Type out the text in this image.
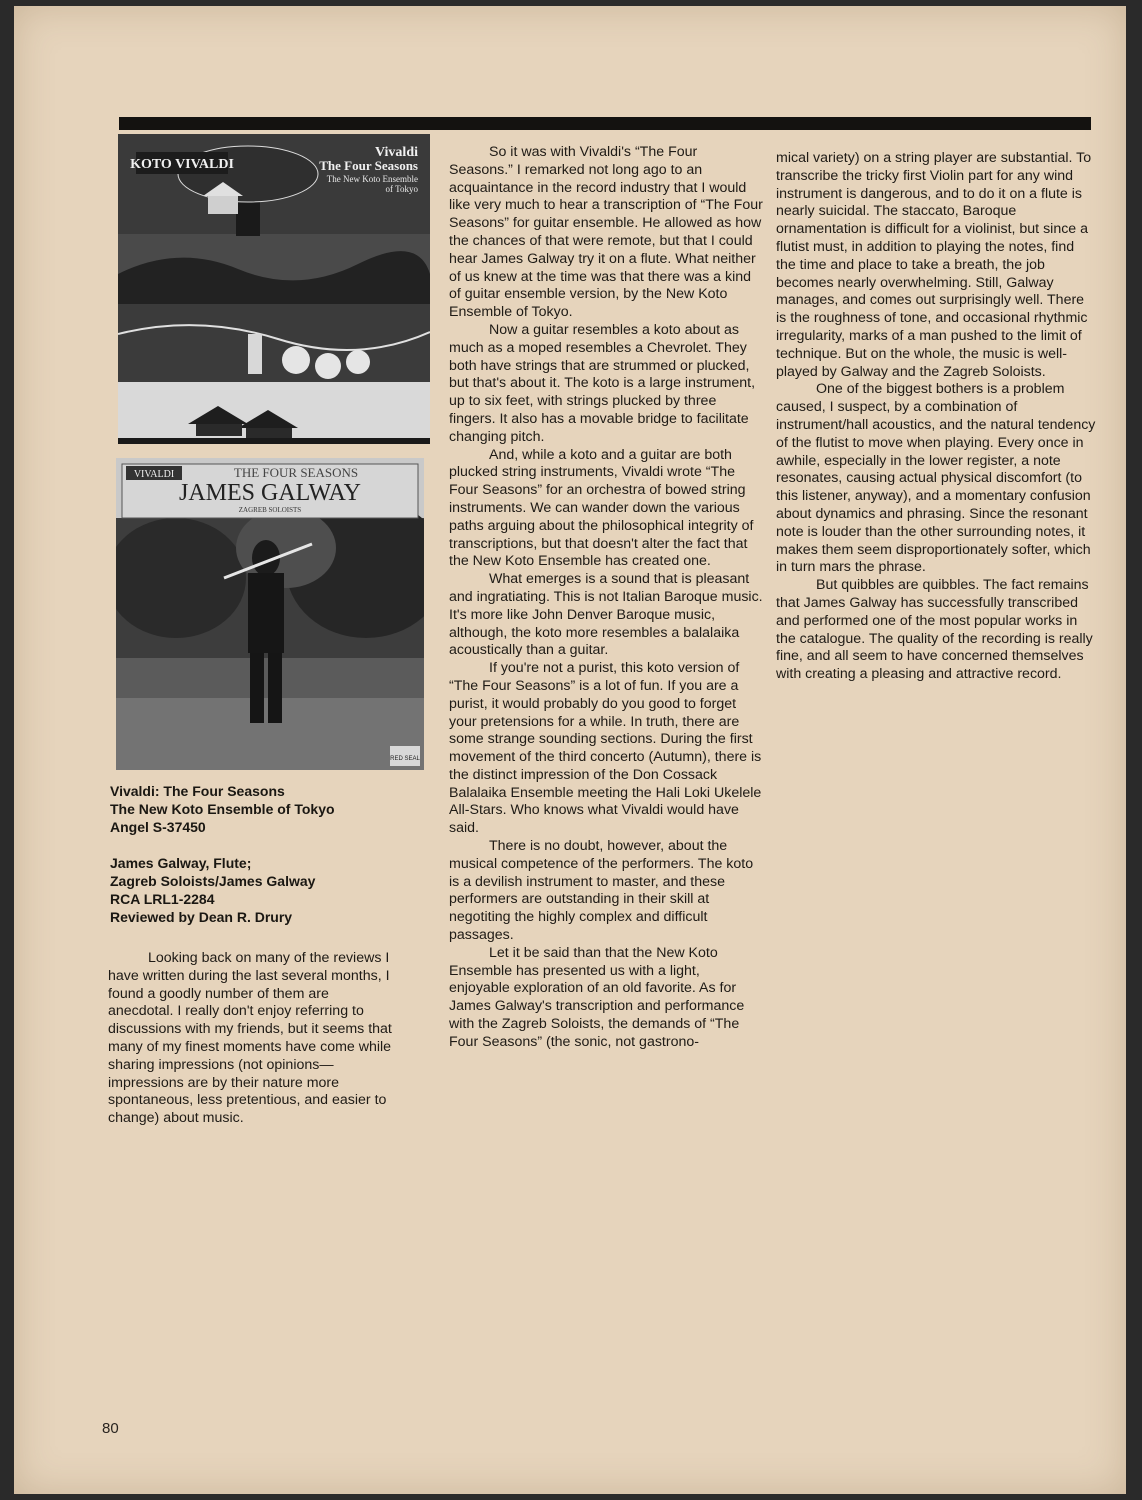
KOTO VIVALDI
Vivaldi
The Four Seasons
The New Koto Ensemble
of Tokyo
RED SEAL
VIVALDI	THE FOUR SEASONS
JAMES GALWAY
ZAGREB SOLOISTS
Vivaldi: The Four Seasons
The New Koto Ensemble of Tokyo
Angel S-37450
James Galway, Flute;
Zagreb Soloists/James Galway
RCA LRL1-2284
Reviewed by Dean R. Drury

Looking back on many of the reviews I have written during the last several months, I found a goodly number of them are anecdotal. I really don't enjoy referring to discussions with my friends, but it seems that many of my finest moments have come while sharing impressions (not opinions—impressions are by their nature more spontaneous, less pretentious, and easier to change) about music.

So it was with Vivaldi's “The Four Seasons.” I remarked not long ago to an acquaintance in the record industry that I would like very much to hear a transcription of “The Four Seasons” for guitar ensemble. He allowed as how the chances of that were remote, but that I could hear James Galway try it on a flute. What neither of us knew at the time was that there was a kind of guitar ensemble version, by the New Koto Ensemble of Tokyo.

Now a guitar resembles a koto about as much as a moped resembles a Chevrolet. They both have strings that are strummed or plucked, but that's about it. The koto is a large instrument, up to six feet, with strings plucked by three fingers. It also has a movable bridge to facilitate changing pitch.

And, while a koto and a guitar are both plucked string instruments, Vivaldi wrote “The Four Seasons” for an orchestra of bowed string instruments. We can wander down the various paths arguing about the philosophical integrity of transcriptions, but that doesn't alter the fact that the New Koto Ensemble has created one.

What emerges is a sound that is pleasant and ingratiating. This is not Italian Baroque music. It's more like John Denver Baroque music, although, the koto more resembles a balalaika acoustically than a guitar.

If you're not a purist, this koto version of “The Four Seasons” is a lot of fun. If you are a purist, it would probably do you good to forget your pretensions for a while. In truth, there are some strange sounding sections. During the first movement of the third concerto (Autumn), there is the distinct impression of the Don Cossack Balalaika Ensemble meeting the Hali Loki Ukelele All-Stars. Who knows what Vivaldi would have said.

There is no doubt, however, about the musical competence of the performers. The koto is a devilish instrument to master, and these performers are outstanding in their skill at negotiting the highly complex and difficult passages.

Let it be said than that the New Koto Ensemble has presented us with a light, enjoyable exploration of an old favorite. As for James Galway's transcription and performance with the Zagreb Soloists, the demands of “The Four Seasons” (the sonic, not gastrono-

mical variety) on a string player are substantial. To transcribe the tricky first Violin part for any wind instrument is dangerous, and to do it on a flute is nearly suicidal. The staccato, Baroque ornamentation is difficult for a violinist, but since a flutist must, in addition to playing the notes, find the time and place to take a breath, the job becomes nearly overwhelming. Still, Galway manages, and comes out surprisingly well. There is the roughness of tone, and occasional rhythmic irregularity, marks of a man pushed to the limit of technique. But on the whole, the music is well-played by Galway and the Zagreb Soloists.

One of the biggest bothers is a problem caused, I suspect, by a combination of instrument/hall acoustics, and the natural tendency of the flutist to move when playing. Every once in awhile, especially in the lower register, a note resonates, causing actual physical discomfort (to this listener, anyway), and a momentary confusion about dynamics and phrasing. Since the resonant note is louder than the other surrounding notes, it makes them seem disproportionately softer, which in turn mars the phrase.

But quibbles are quibbles. The fact remains that James Galway has successfully transcribed and performed one of the most popular works in the catalogue. The quality of the recording is really fine, and all seem to have concerned themselves with creating a pleasing and attractive record.

80
